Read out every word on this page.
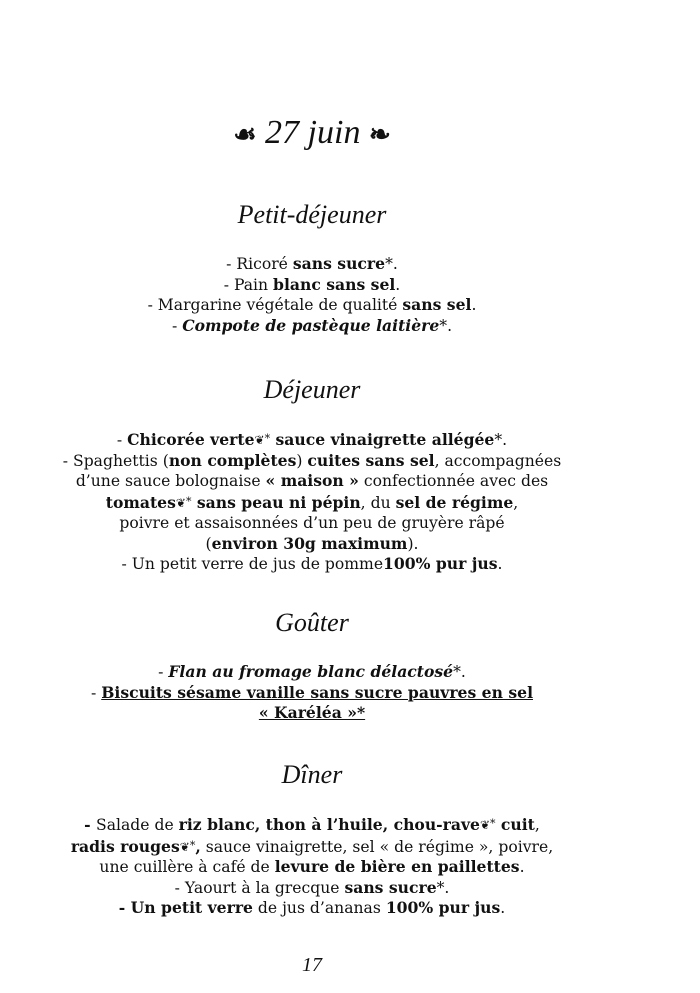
☙ 27 juin ❧
Petit-déjeuner

- Ricoré sans sucre*.

- Pain blanc sans sel.

- Margarine végétale de qualité sans sel.

- Compote de pastèque laitière*.

Déjeuner

- Chicorée verte❦* sauce vinaigrette allégée*.

- Spaghettis (non complètes) cuites sans sel, accompagnées

d’une sauce bolognaise « maison » confectionnée avec des

tomates❦* sans peau ni pépin, du sel de régime,

poivre et assaisonnées d’un peu de gruyère râpé

(environ 30g maximum).

- Un petit verre de jus de pomme100% pur jus.

Goûter

- Flan au fromage blanc délactosé*.

- Biscuits sésame vanille sans sucre pauvres en sel

« Karéléa »*

Dîner

- Salade de riz blanc, thon à l’huile, chou-rave❦* cuit,

radis rouges❦*, sauce vinaigrette, sel « de régime », poivre,

une cuillère à café de levure de bière en paillettes.

- Yaourt à la grecque sans sucre*.

- Un petit verre de jus d’ananas 100% pur jus.

17
